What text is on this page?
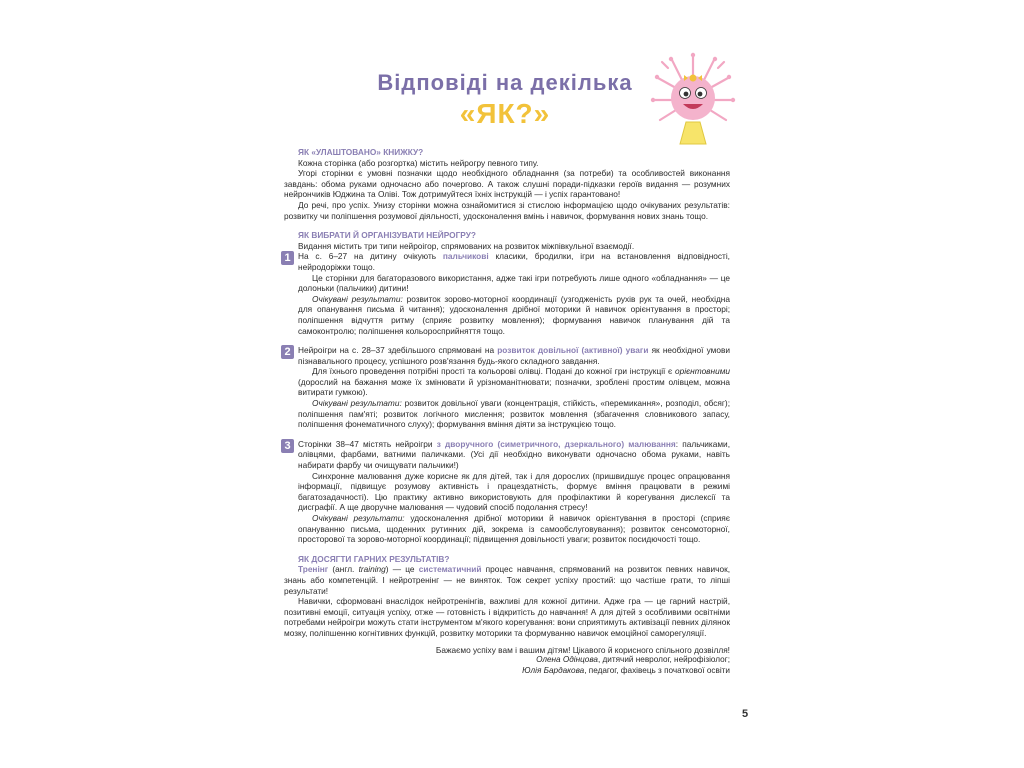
Відповіді на декілька
«ЯК?»

ЯК «УЛАШТОВАНО» КНИЖКУ?

Кожна сторінка (або розгортка) містить нейрогру певного типу.

Угорі сторінки є умовні позначки щодо необхідного обладнання (за потреби) та особливостей виконання завдань: обома руками одночасно або почергово. А також слушні поради-підказки героїв видання — розумних нейрончиків Юджина та Оліві. Тож дотримуйтеся їхніх інструкцій — і успіх гарантовано!

До речі, про успіх. Унизу сторінки можна ознайомитися зі стислою інформацією щодо очікуваних результатів: розвитку чи поліпшення розумової діяльності, удосконалення вмінь і навичок, формування нових знань тощо.

ЯК ВИБРАТИ Й ОРГАНІЗУВАТИ НЕЙРОГРУ?

Видання містить три типи нейроігор, спрямованих на розвиток міжпівкульної взаємодії.

1 На с. 6–27 на дитину очікують пальчикові класики, бродилки, ігри на встановлення відповідності, нейродоріжки тощо.

Це сторінки для багаторазового використання, адже такі ігри потребують лише одного «обладнання» — це долоньки (пальчики) дитини!

Очікувані результати: розвиток зорово-моторної координації (узгодженість рухів рук та очей, необхідна для опанування письма й читання); удосконалення дрібної моторики й навичок орієнтування в просторі; поліпшення відчуття ритму (сприяє розвитку мовлення); формування навичок планування дій та самоконтролю; поліпшення кольоросприйняття тощо.

2 Нейроігри на с. 28–37 здебільшого спрямовані на розвиток довільної (активної) уваги як необхідної умови пізнавального процесу, успішного розв'язання будь-якого складного завдання.

Для їхнього проведення потрібні прості та кольорові олівці. Подані до кожної гри інструкції є орієнтовними (дорослий на бажання може їх змінювати й урізноманітнювати; позначки, зроблені простим олівцем, можна витирати гумкою).

Очікувані результати: розвиток довільної уваги (концентрація, стійкість, «перемикання», розподіл, обсяг); поліпшення пам'яті; розвиток логічного мислення; розвиток мовлення (збагачення словникового запасу, поліпшення фонематичного слуху); формування вміння діяти за інструкцією тощо.

3 Сторінки 38–47 містять нейроігри з двоpучного (симетричного, дзеркального) малювання: пальчиками, олівцями, фарбами, ватними паличками. (Усі дії необхідно виконувати одночасно обома руками, навіть набирати фарбу чи очищувати пальчики!)

Синхронне малювання дуже корисне як для дітей, так і для дорослих (пришвидшує процес опрацювання інформації, підвищує розумову активність і працездатність, формує вміння працювати в режимі багатозадачності). Цю практику активно використовують для профілактики й корегування дислексії та дисграфії. А ще двоpучне малювання — чудовий спосіб подолання стресу!

Очікувані результати: удосконалення дрібної моторики й навичок орієнтування в просторі (сприяє опануванню письма, щоденних рутинних дій, зокрема із самообслуговування); розвиток сенсомоторної, просторової та зорово-моторної координації; підвищення довільності уваги; розвиток посидючості тощо.

ЯК ДОСЯГТИ ГАРНИХ РЕЗУЛЬТАТІВ?

Тренінг (англ. training) — це систематичний процес навчання, спрямований на розвиток певних навичок, знань або компетенцій. І нейротренінг — не виняток. Тож секрет успіху простий: що частіше грати, то ліпші результати!

Навички, сформовані внаслідок нейротренінгів, важливі для кожної дитини. Адже гра — це гарний настрій, позитивні емоції, ситуація успіху, отже — готовність і відкритість до навчання! А для дітей з особливими освітніми потребами нейроігри можуть стати інструментом м'якого корегування: вони сприятимуть активізації певних ділянок мозку, поліпшенню когнітивних функцій, розвитку моторики та формуванню навичок емоційної саморегуляції.

Бажаємо успіху вам і вашим дітям! Цікавого й корисного спільного дозвілля!

Олена Одінцова, дитячий невролог, нейрофізіолог;

Юлія Бардакова, педагог, фахівець з початкової освіти

5
